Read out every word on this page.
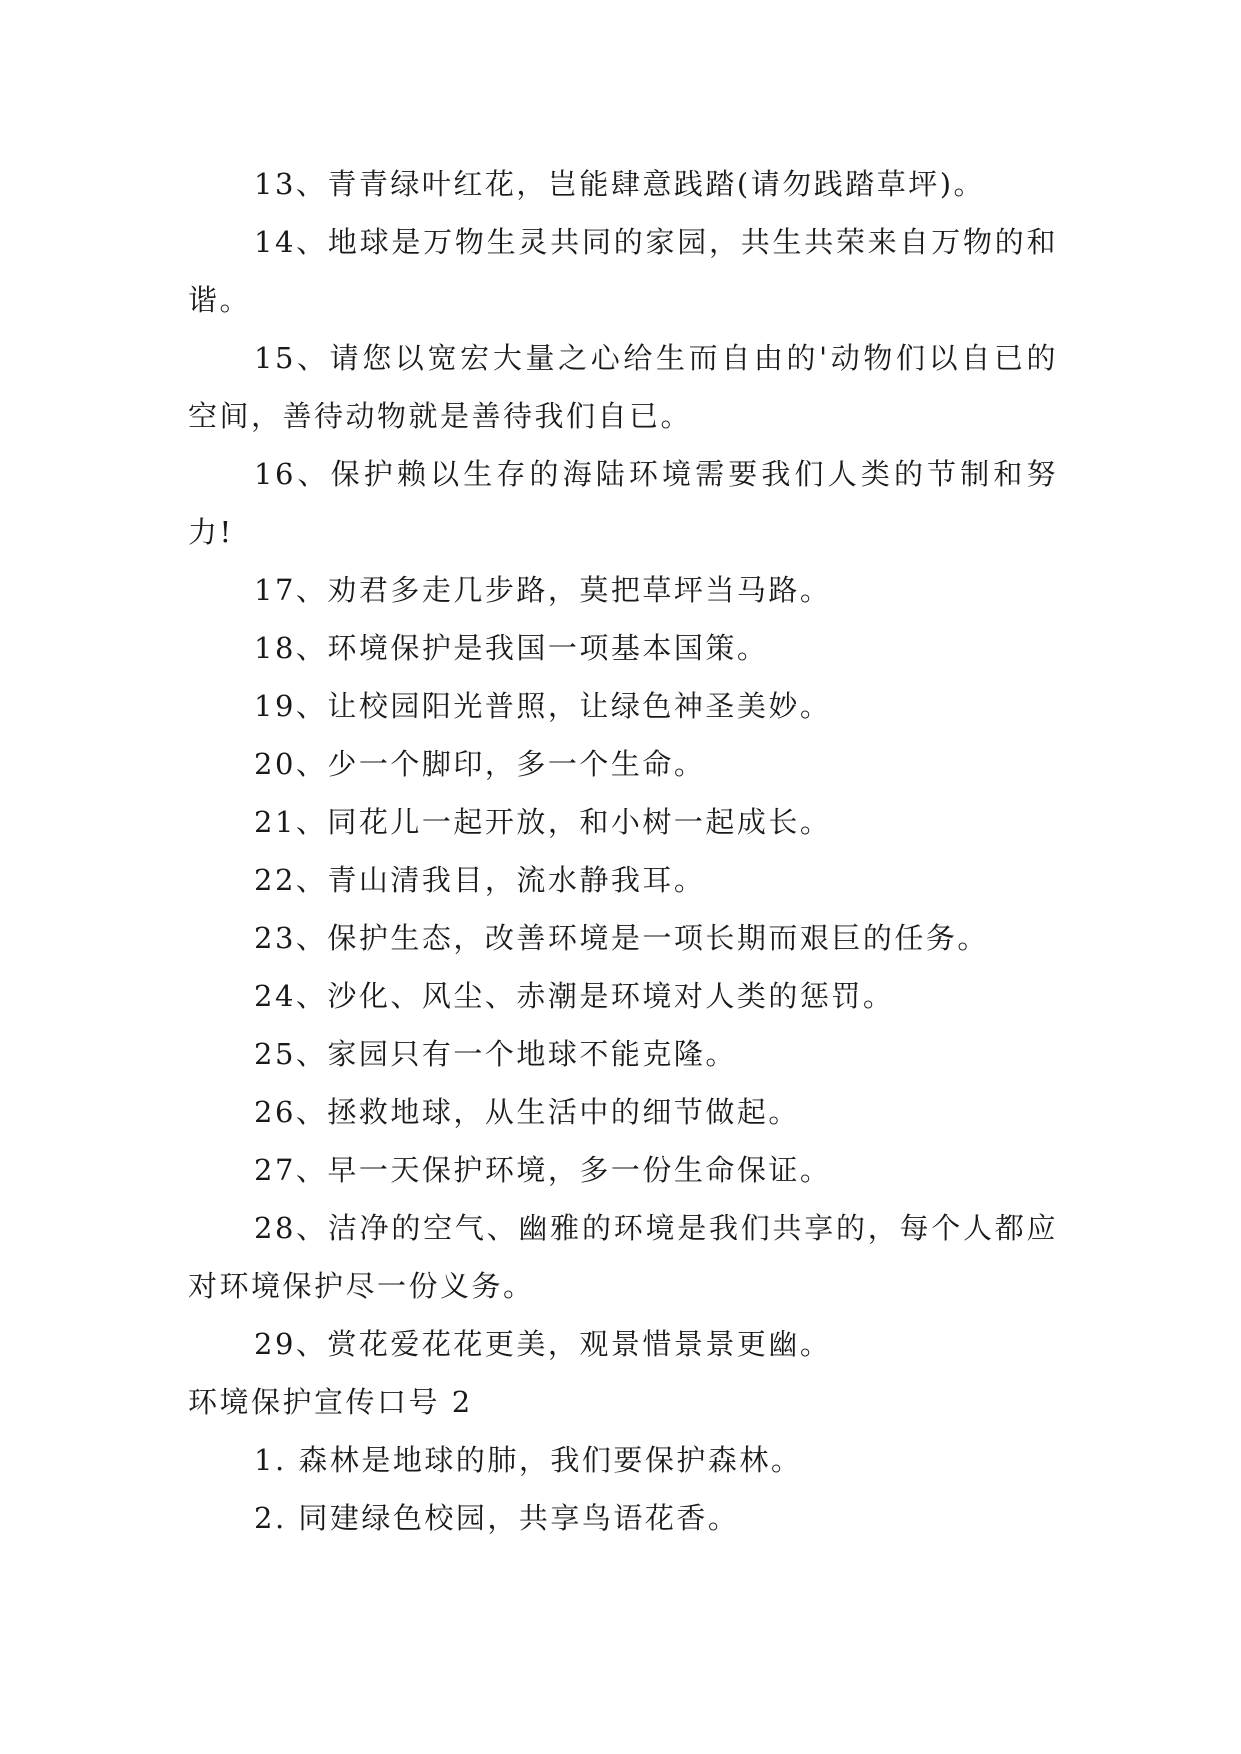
13、青青绿叶红花，岂能肆意践踏(请勿践踏草坪)。

14、地球是万物生灵共同的家园，共生共荣来自万物的和谐。

15、请您以宽宏大量之心给生而自由的'动物们以自已的空间，善待动物就是善待我们自已。

16、保护赖以生存的海陆环境需要我们人类的节制和努力!

17、劝君多走几步路，莫把草坪当马路。

18、环境保护是我国一项基本国策。

19、让校园阳光普照，让绿色神圣美妙。

20、少一个脚印，多一个生命。

21、同花儿一起开放，和小树一起成长。

22、青山清我目，流水静我耳。

23、保护生态，改善环境是一项长期而艰巨的任务。

24、沙化、风尘、赤潮是环境对人类的惩罚。

25、家园只有一个地球不能克隆。

26、拯救地球，从生活中的细节做起。

27、早一天保护环境，多一份生命保证。

28、洁净的空气、幽雅的环境是我们共享的，每个人都应对环境保护尽一份义务。

29、赏花爱花花更美，观景惜景景更幽。

环境保护宣传口号 2

1. 森林是地球的肺，我们要保护森林。

2. 同建绿色校园，共享鸟语花香。
